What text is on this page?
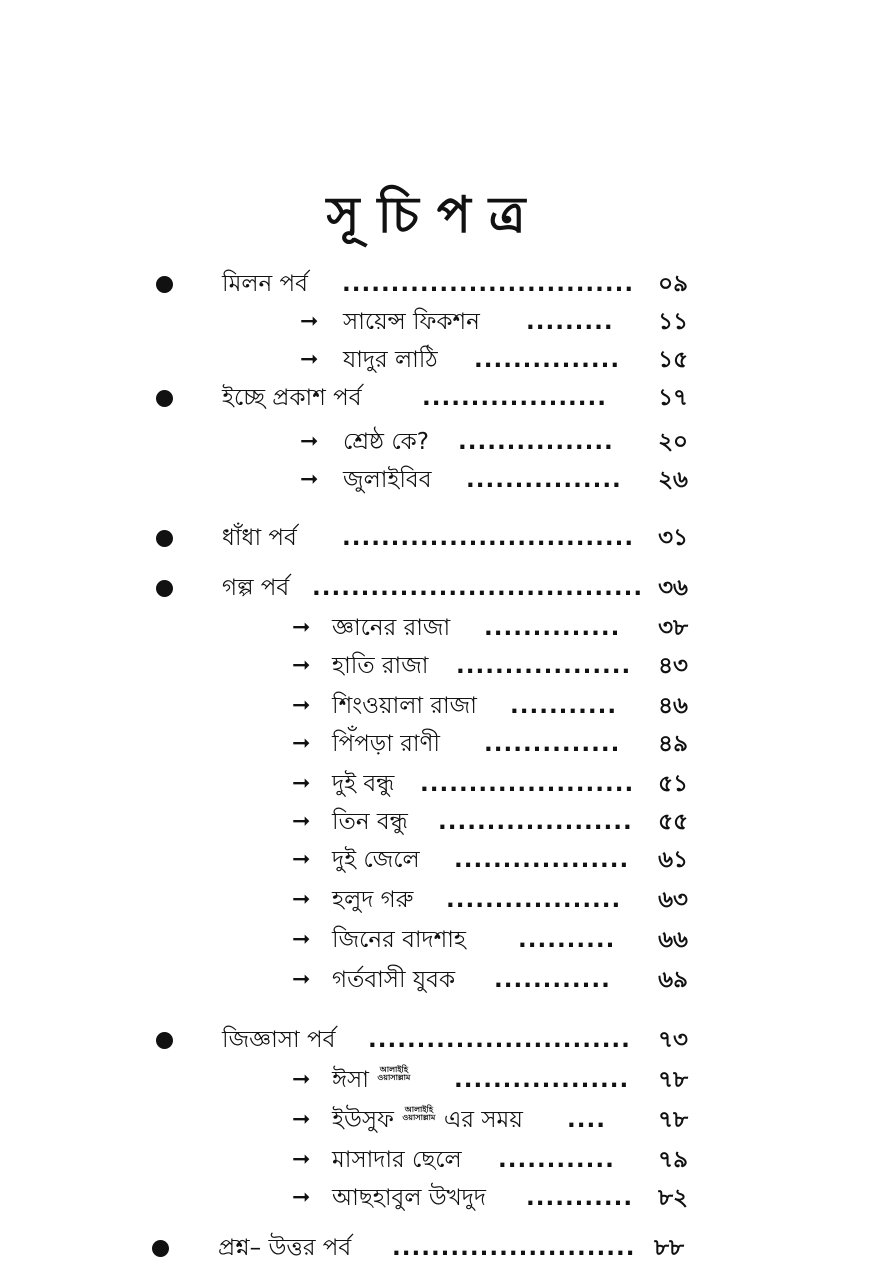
সূচিপত্র
মিলন পর্ব ..............................	০৯
➞ সায়েন্স ফিকশন .........	১১
➞ যাদুর লাঠি ...............	১৫
ইচ্ছে প্রকাশ পর্ব	...................	১৭
➞ শ্রেষ্ঠ কে? ................	২০
➞ জুলাইবিব ................	২৬
ধাঁধা পর্ব ..............................	৩১
গল্প পর্ব .................................. ৩৬
➞ জ্ঞানের রাজা ..............	৩৮
➞ হাতি রাজা ..................	৪৩
➞ শিংওয়ালা রাজা ...........	৪৬
➞ পিঁপড়া রাণী ..............	৪৯
➞ দুই বন্ধু ......................	৫১
➞ তিন বন্ধু ....................	৫৫
➞ দুই জেলে ..................	৬১
➞ হলুদ গরু ..................	৬৩
➞ জিনের বাদশাহ ..........	৬৬
➞ গর্তবাসী যুবক ............	৬৯
জিজ্ঞাসা পর্ব ...........................	৭৩
➞ ঈসা আলাইহি ওয়াসাল্লাম	..................	৭৮
➞ ইউসুফ আলাইহি ওয়াসাল্লাম এর সময় ....	৭৮
➞ মাসাদার ছেলে ............	৭৯
➞ আছহাবুল উখদুদ ...........	৮২
প্রশ্ন– উত্তর পর্ব ......................... ৮৮
